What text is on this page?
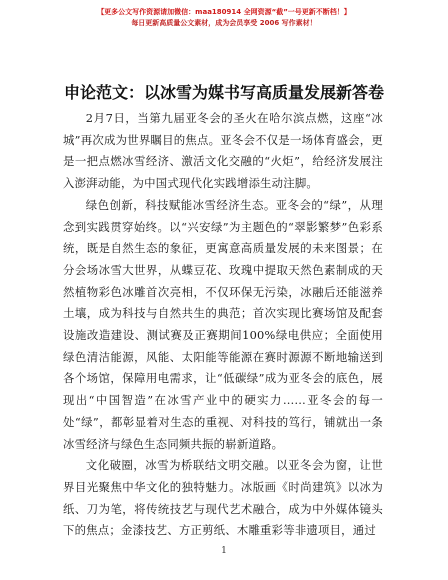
【更多公文写作资源请加微信：maa180914 全网资源“截”一号更新不断档！】
每日更新高质量公文素材，成为会员享受 2006 写作素材！
申论范文：以冰雪为媒书写高质量发展新答卷

2月7日，当第九届亚冬会的圣火在哈尔滨点燃，这座“冰城”再次成为世界瞩目的焦点。亚冬会不仅是一场体育盛会，更是一把点燃冰雪经济、激活文化交融的“火炬”，给经济发展注入澎湃动能，为中国式现代化实践增添生动注脚。

绿色创新，科技赋能冰雪经济生态。亚冬会的“绿”，从理念到实践贯穿始终。以“兴安绿”为主题色的“翠影繁梦”色彩系统，既是自然生态的象征，更寓意高质量发展的未来图景；在分会场冰雪大世界，从蝶豆花、玫瑰中提取天然色素制成的天然植物彩色冰雕首次亮相，不仅环保无污染，冰融后还能滋养土壤，成为科技与自然共生的典范；首次实现比赛场馆及配套设施改造建设、测试赛及正赛期间100%绿电供应；全面使用绿色清洁能源，风能、太阳能等能源在赛时源源不断地输送到各个场馆，保障用电需求，让“低碳绿”成为亚冬会的底色，展现出“中国智造”在冰雪产业中的硬实力……亚冬会的每一处“绿”，都彰显着对生态的重视、对科技的笃行，铺就出一条冰雪经济与绿色生态同频共振的崭新道路。

文化破圈，冰雪为桥联结文明交融。以亚冬会为窗，让世界目光聚焦中华文化的独特魅力。冰版画《时尚建筑》以冰为纸、刀为笔，将传统技艺与现代艺术融合，成为中外媒体镜头下的焦点；金漆技艺、方正剪纸、木雕重彩等非遗项目，通过

1
